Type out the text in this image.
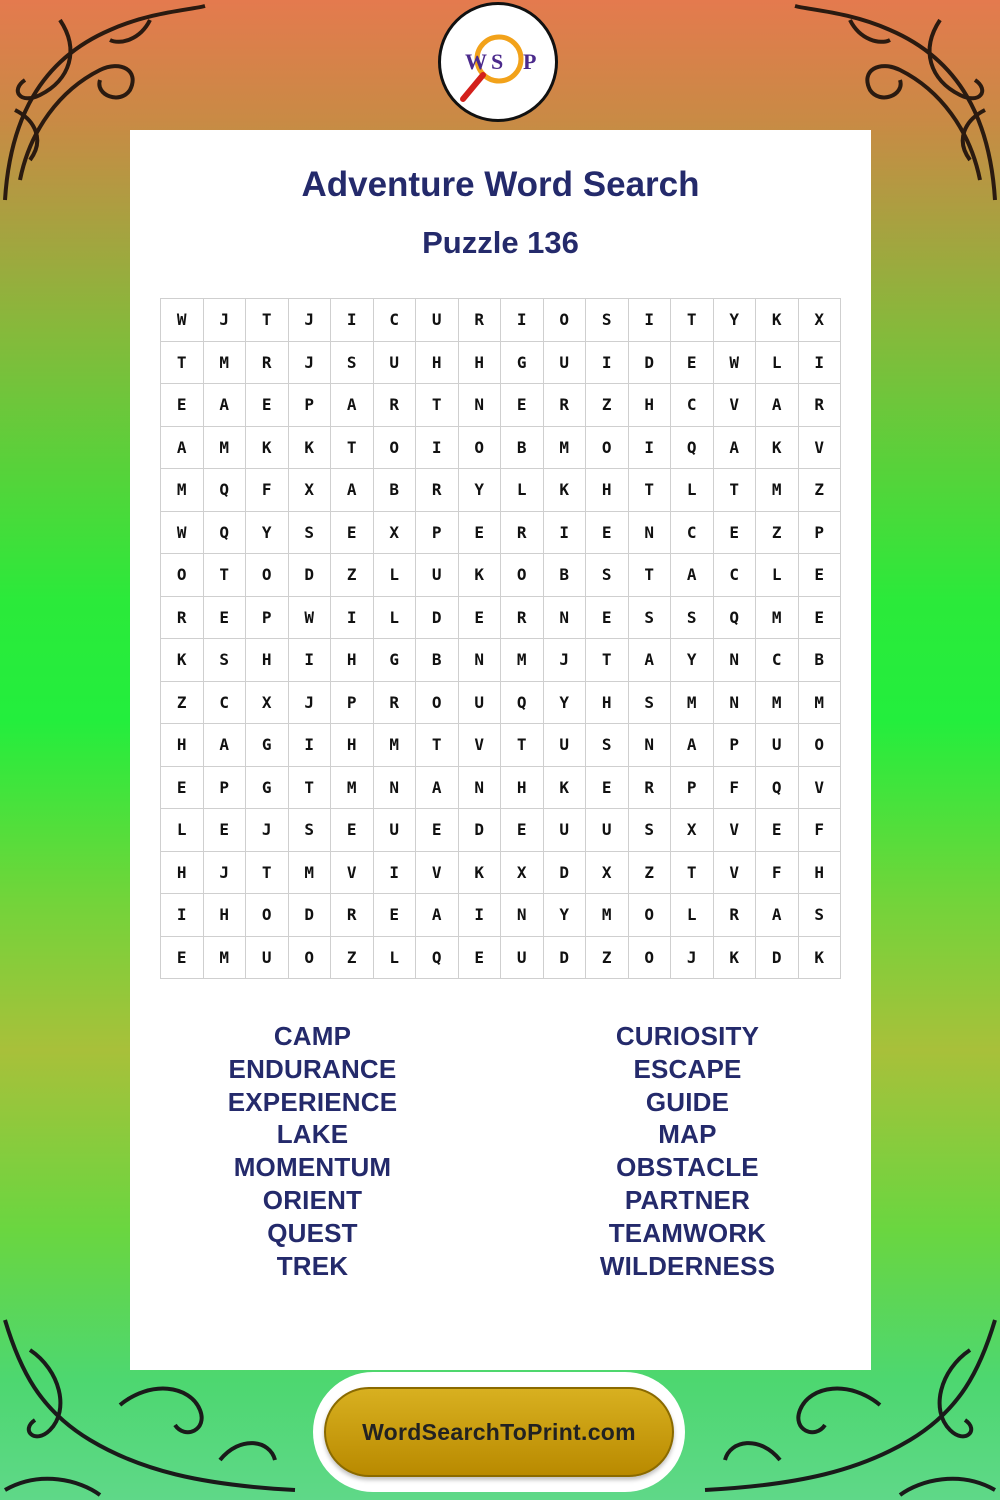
W S P
Adventure Word Search
Puzzle 136
W	J	T	J	I	C	U	R	I	O	S	I	T	Y	K	X
T	M	R	J	S	U	H	H	G	U	I	D	E	W	L	I
E	A	E	P	A	R	T	N	E	R	Z	H	C	V	A	R
A	M	K	K	T	O	I	O	B	M	O	I	Q	A	K	V
M	Q	F	X	A	B	R	Y	L	K	H	T	L	T	M	Z
W	Q	Y	S	E	X	P	E	R	I	E	N	C	E	Z	P
O	T	O	D	Z	L	U	K	O	B	S	T	A	C	L	E
R	E	P	W	I	L	D	E	R	N	E	S	S	Q	M	E
K	S	H	I	H	G	B	N	M	J	T	A	Y	N	C	B
Z	C	X	J	P	R	O	U	Q	Y	H	S	M	N	M	M
H	A	G	I	H	M	T	V	T	U	S	N	A	P	U	O
E	P	G	T	M	N	A	N	H	K	E	R	P	F	Q	V
L	E	J	S	E	U	E	D	E	U	U	S	X	V	E	F
H	J	T	M	V	I	V	K	X	D	X	Z	T	V	F	H
I	H	O	D	R	E	A	I	N	Y	M	O	L	R	A	S
E	M	U	O	Z	L	Q	E	U	D	Z	O	J	K	D	K
CAMP
ENDURANCE
EXPERIENCE
LAKE
MOMENTUM
ORIENT
QUEST
TREK
CURIOSITY
ESCAPE
GUIDE
MAP
OBSTACLE
PARTNER
TEAMWORK
WILDERNESS
WordSearchToPrint.com
